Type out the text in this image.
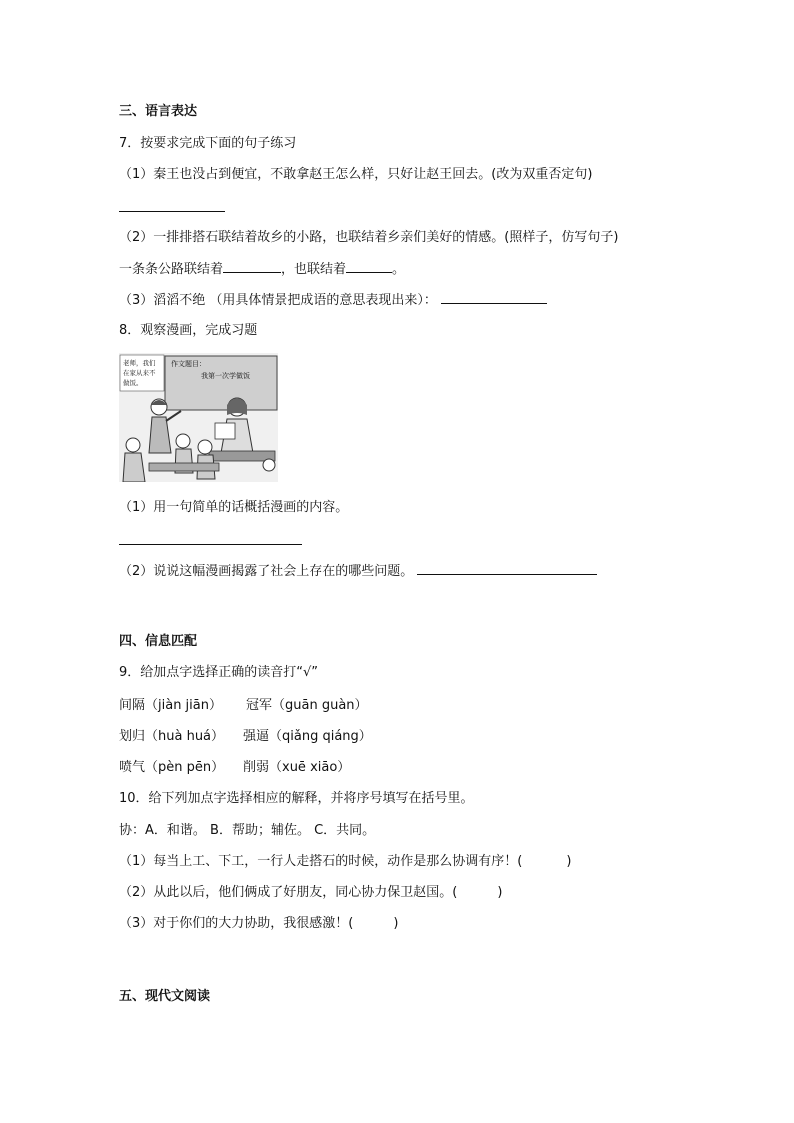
三、语言表达
7．按要求完成下面的句子练习
（1）秦王也没占到便宜，不敢拿赵王怎么样，只好让赵王回去。(改为双重否定句)
（2）一排排搭石联结着故乡的小路，也联结着乡亲们美好的情感。(照样子，仿写句子)
一条条公路联结着	，也联结着	。
（3）滔滔不绝 （用具体情景把成语的意思表现出来）：
8．观察漫画，完成习题
作文题目：
我第一次学做饭
老师，我们在家从来不做饭。
（1）用一句简单的话概括漫画的内容。
（2）说说这幅漫画揭露了社会上存在的哪些问题。
四、信息匹配
9．给加点字选择正确的读音打“√”
间隔（jiàn jiān） 冠军（guān guàn）
划归（huà huá） 强逼（qiǎng qiáng）
喷气（pèn pēn） 削弱（xuē xiāo）
10．给下列加点字选择相应的解释，并将序号填写在括号里。
协：A．和谐。 B．帮助；辅佐。 C．共同。
（1）每当上工、下工，一行人走搭石的时候，动作是那么协调有序！(	)
（2）从此以后，他们俩成了好朋友，同心协力保卫赵国。(	)
（3）对于你们的大力协助，我很感激！(	)
五、现代文阅读
